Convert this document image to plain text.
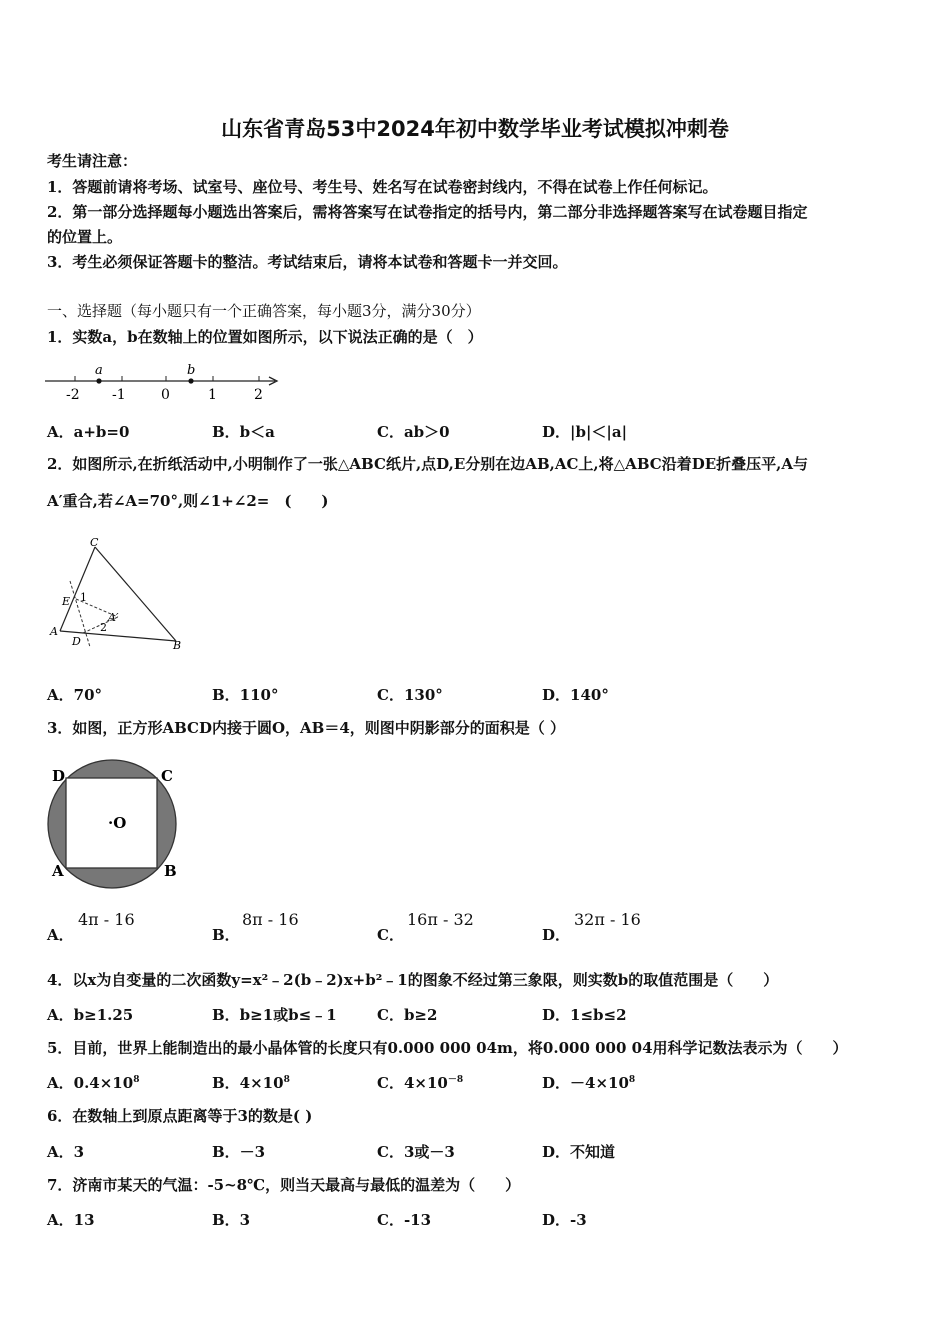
山东省青岛53中2024年初中数学毕业考试模拟冲刺卷
考生请注意：
1．答题前请将考场、试室号、座位号、考生号、姓名写在试卷密封线内，不得在试卷上作任何标记。
2．第一部分选择题每小题选出答案后，需将答案写在试卷指定的括号内，第二部分非选择题答案写在试卷题目指定
的位置上。
3．考生必须保证答题卡的整洁。考试结束后，请将本试卷和答题卡一并交回。
一、选择题（每小题只有一个正确答案，每小题3分，满分30分）
1．实数a，b在数轴上的位置如图所示，以下说法正确的是（　）
a	b
-2 -1	0	1	2
A．a+b=0	B．b＜a	C．ab＞0	D．|b|＜|a|
2．如图所示,在折纸活动中,小明制作了一张△ABC纸片,点D,E分别在边AB,AC上,将△ABC沿着DE折叠压平,A与
A′重合,若∠A=70°,则∠1+∠2=　(　　)
C
E
A
D	B
A′
1
2
A．70°	B．110°	C．130°	D．140°
3．如图，正方形ABCD内接于圆O，AB＝4，则图中阴影部分的面积是（ ）
D	C
A	B
·O
A．
4π - 16
B．
8π - 16
C．
16π - 32
D．
32π - 16
4．以x为自变量的二次函数y=x²﹣2(b﹣2)x+b²﹣1的图象不经过第三象限，则实数b的取值范围是（　　）
A．b≥1.25	B．b≥1或b≤﹣1	C．b≥2	D．1≤b≤2
5．目前，世界上能制造出的最小晶体管的长度只有0.000 000 04m，将0.000 000 04用科学记数法表示为（　　）
A．$0.4\times 10^8$	B．$4\times 10^8$	C．$4\times 10^{-8}$	D．$-4\times 10^8$
6．在数轴上到原点距离等于3的数是( )
A．3	B．－3	C．3或－3	D．不知道
7．济南市某天的气温：-5~8℃，则当天最高与最低的温差为（　　）
A．13	B．3	C．-13	D．-3
